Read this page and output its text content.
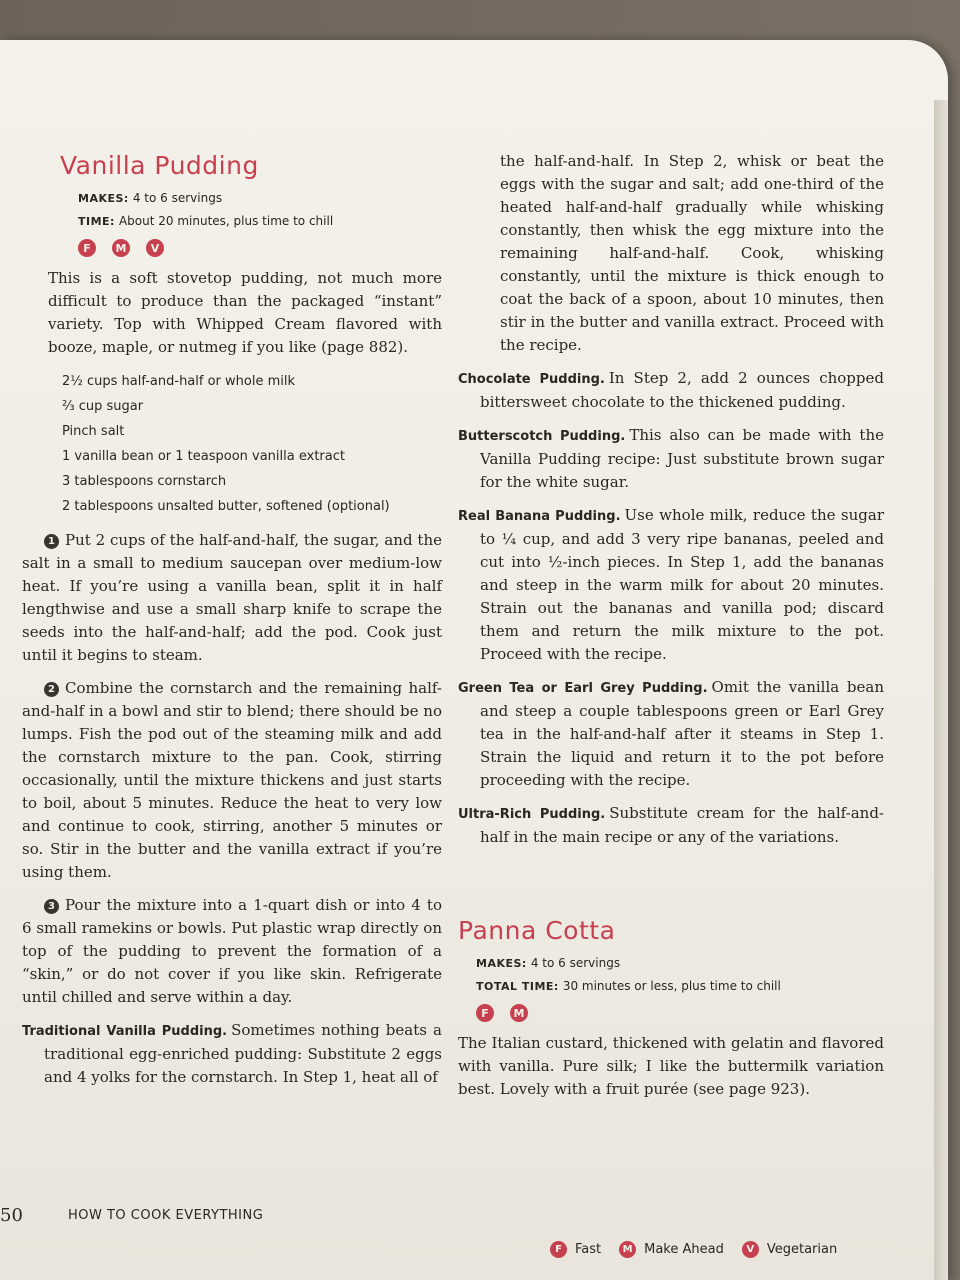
Vanilla Pudding
MAKES: 4 to 6 servings
TIME: About 20 minutes, plus time to chill
F	M	V

This is a soft stovetop pudding, not much more difficult to produce than the packaged “instant” variety. Top with Whipped Cream flavored with booze, maple, or nutmeg if you like (page 882).

2½ cups half-and-half or whole milk
⅔ cup sugar
Pinch salt
1 vanilla bean or 1 teaspoon vanilla extract
3 tablespoons cornstarch
2 tablespoons unsalted butter, softened (optional)

1 Put 2 cups of the half-and-half, the sugar, and the salt in a small to medium saucepan over medium-low heat. If you’re using a vanilla bean, split it in half lengthwise and use a small sharp knife to scrape the seeds into the half-and-half; add the pod. Cook just until it begins to steam.

2 Combine the cornstarch and the remaining half-and-half in a bowl and stir to blend; there should be no lumps. Fish the pod out of the steaming milk and add the cornstarch mixture to the pan. Cook, stirring occasionally, until the mixture thickens and just starts to boil, about 5 minutes. Reduce the heat to very low and continue to cook, stirring, another 5 minutes or so. Stir in the butter and the vanilla extract if you’re using them.

3 Pour the mixture into a 1-quart dish or into 4 to 6 small ramekins or bowls. Put plastic wrap directly on top of the pudding to prevent the formation of a “skin,” or do not cover if you like skin. Refrigerate until chilled and serve within a day.

Traditional Vanilla Pudding. Sometimes nothing beats a traditional egg-enriched pudding: Substitute 2 eggs and 4 yolks for the cornstarch. In Step 1, heat all of

the half-and-half. In Step 2, whisk or beat the eggs with the sugar and salt; add one-third of the heated half-and-half gradually while whisking constantly, then whisk the egg mixture into the remaining half-and-half. Cook, whisking constantly, until the mixture is thick enough to coat the back of a spoon, about 10 minutes, then stir in the butter and vanilla extract. Proceed with the recipe.

Chocolate Pudding. In Step 2, add 2 ounces chopped bittersweet chocolate to the thickened pudding.

Butterscotch Pudding. This also can be made with the Vanilla Pudding recipe: Just substitute brown sugar for the white sugar.

Real Banana Pudding. Use whole milk, reduce the sugar to ¼ cup, and add 3 very ripe bananas, peeled and cut into ½-inch pieces. In Step 1, add the bananas and steep in the warm milk for about 20 minutes. Strain out the bananas and vanilla pod; discard them and return the milk mixture to the pot. Proceed with the recipe.

Green Tea or Earl Grey Pudding. Omit the vanilla bean and steep a couple tablespoons green or Earl Grey tea in the half-and-half after it steams in Step 1. Strain the liquid and return it to the pot before proceeding with the recipe.

Ultra-Rich Pudding. Substitute cream for the half-and-half in the main recipe or any of the variations.

Panna Cotta
MAKES: 4 to 6 servings
TOTAL TIME: 30 minutes or less, plus time to chill
F	M

The Italian custard, thickened with gelatin and flavored with vanilla. Pure silk; I like the buttermilk variation best. Lovely with a fruit purée (see page 923).

50	HOW TO COOK EVERYTHING
F	Fast	M Make Ahead	V Vegetarian
